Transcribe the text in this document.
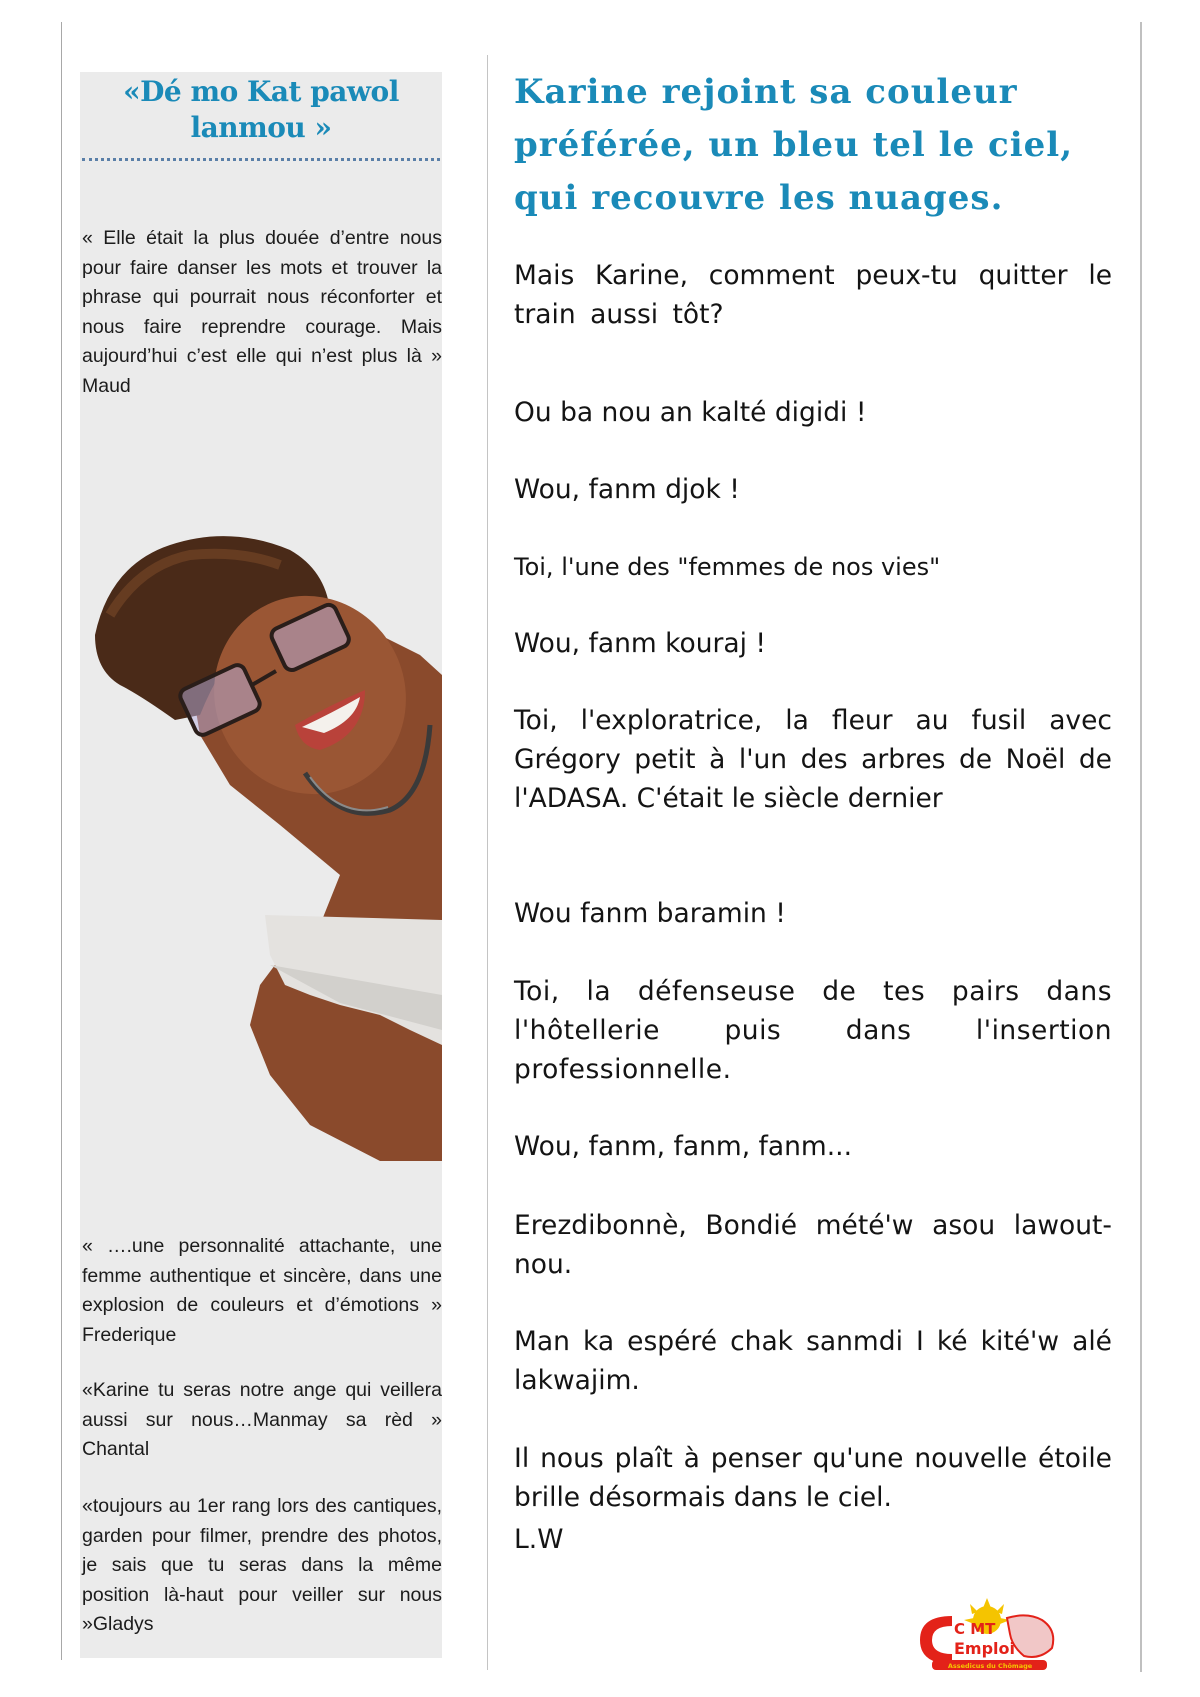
«Dé mo Kat pawol lanmou »

« Elle était la plus douée d’entre nous pour faire danser les mots et trouver la phrase qui pourrait nous réconforter et nous faire reprendre courage. Mais aujourd’hui c’est elle qui n’est plus là » Maud

« ….une personnalité attachante, une femme authentique et sincère, dans une explosion de couleurs et d’émotions » Frederique

«Karine tu seras notre ange qui veillera aussi sur nous…Manmay sa rèd » Chantal

«toujours au 1er rang lors des cantiques, garden pour filmer, prendre des photos, je sais que tu seras dans la même position là-haut pour veiller sur nous »Gladys

Karine rejoint sa couleur préférée, un bleu tel le ciel, qui recouvre les nuages.

Mais Karine, comment peux-tu quitter le train aussi tôt?

Ou ba nou an kalté digidi !

Wou, fanm djok !

Toi, l'une des "femmes de nos vies"

Wou, fanm kouraj !

Toi, l'exploratrice, la fleur au fusil avec Grégory petit à l'un des arbres de Noël de l'ADASA. C'était le siècle dernier

Wou fanm baramin !

Toi, la défenseuse de tes pairs dans l'hôtellerie puis dans l'insertion professionnelle.

Wou, fanm, fanm, fanm...

Erezdibonnè, Bondié mété'w asou lawout-nou.

Man ka espéré chak sanmdi I ké kité'w alé lakwajim.

Il nous plaît à penser qu'une nouvelle étoile brille désormais dans le ciel.

L.W

C MT
Emploi
Assedicus du Chômage
